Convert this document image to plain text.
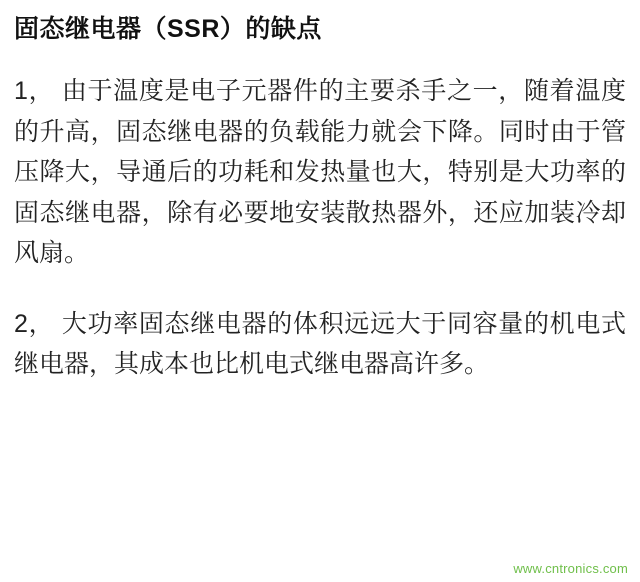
固态继电器（SSR）的缺点

1， 由于温度是电子元器件的主要杀手之一，随着温度的升高，固态继电器的负载能力就会下降。同时由于管压降大，导通后的功耗和发热量也大，特别是大功率的固态继电器，除有必要地安装散热器外，还应加装冷却风扇。

2， 大功率固态继电器的体积远远大于同容量的机电式继电器，其成本也比机电式继电器高许多。

www.cntronics.com
